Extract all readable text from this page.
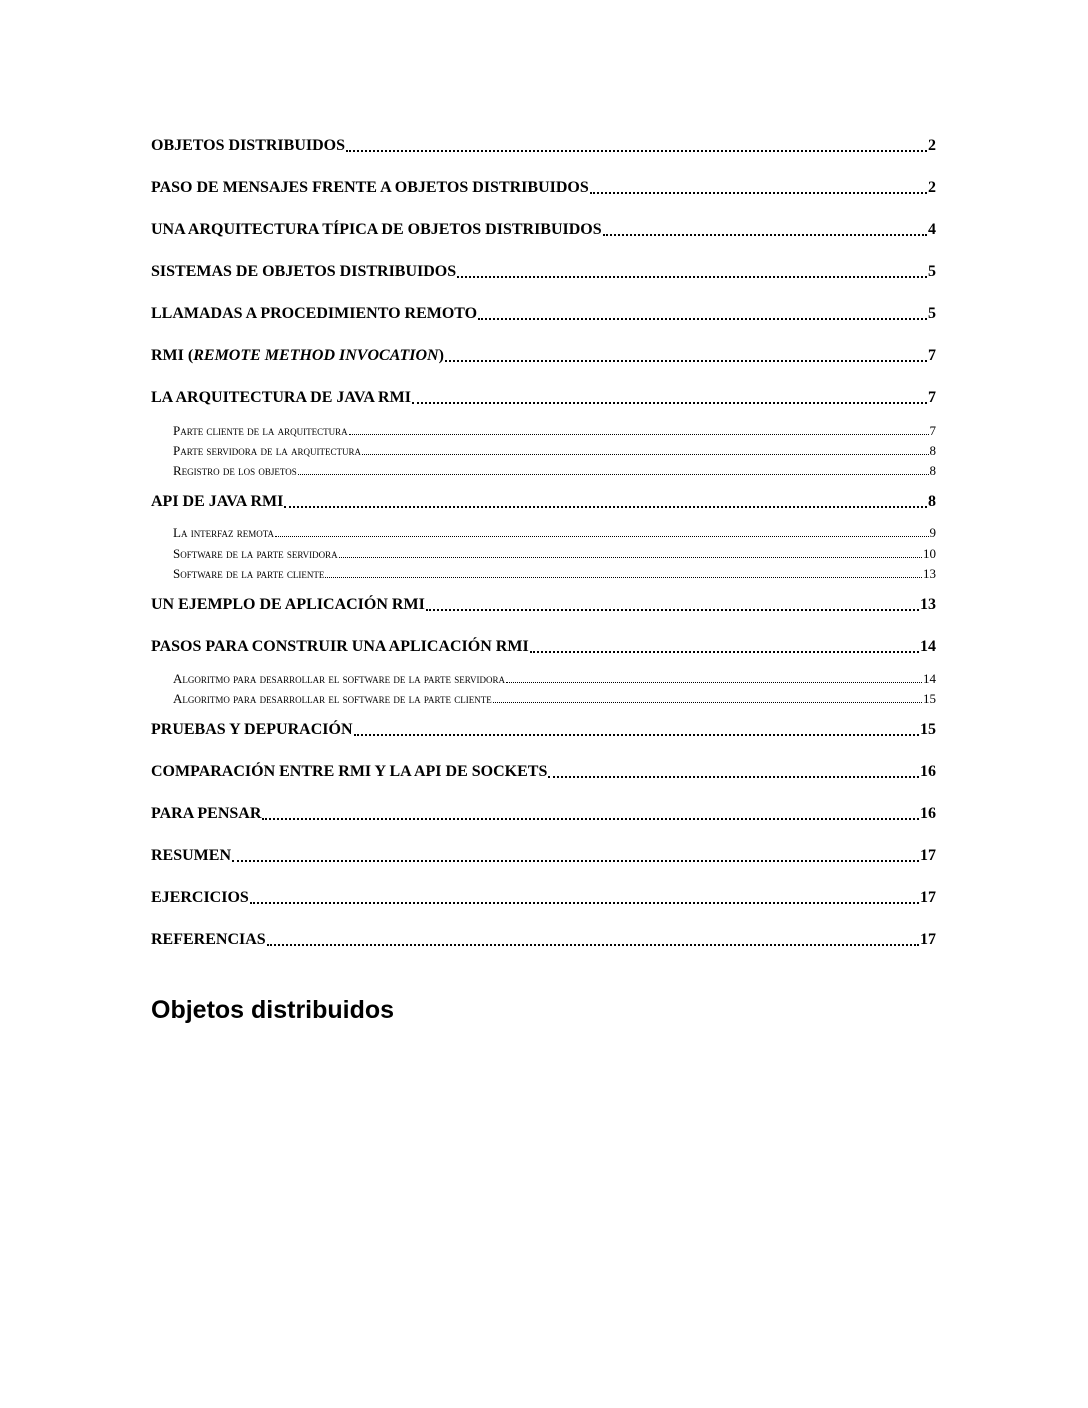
OBJETOS DISTRIBUIDOS	2
PASO DE MENSAJES FRENTE A OBJETOS DISTRIBUIDOS	2
UNA ARQUITECTURA TÍPICA DE OBJETOS DISTRIBUIDOS	4
SISTEMAS DE OBJETOS DISTRIBUIDOS	5
LLAMADAS A PROCEDIMIENTO REMOTO	5
RMI (REMOTE METHOD INVOCATION)	7
LA ARQUITECTURA DE JAVA RMI	7
Parte cliente de la arquitectura	7
Parte servidora de la arquitectura	8
Registro de los objetos	8
API DE JAVA RMI	8
La interfaz remota	9
Software de la parte servidora	10
Software de la parte cliente	13
UN EJEMPLO DE APLICACIÓN RMI	13
PASOS PARA CONSTRUIR UNA APLICACIÓN RMI	14
Algoritmo para desarrollar el software de la parte servidora	14
Algoritmo para desarrollar el software de la parte cliente	15
PRUEBAS Y DEPURACIÓN	15
COMPARACIÓN ENTRE RMI Y LA API DE SOCKETS	16
PARA PENSAR	16
RESUMEN	17
EJERCICIOS	17
REFERENCIAS	17
Objetos distribuidos
